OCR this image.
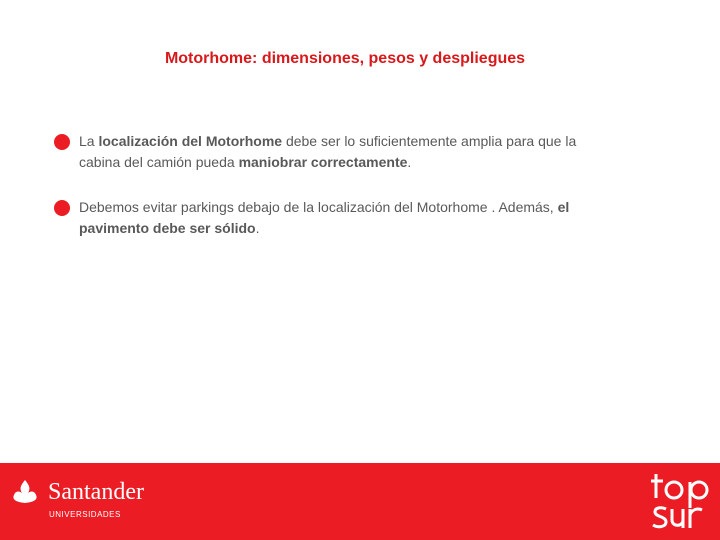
Motorhome: dimensiones, pesos y despliegues
La localización del Motorhome debe ser lo suficientemente amplia para que la cabina del camión pueda maniobrar correctamente.
Debemos evitar parkings debajo de la localización del Motorhome . Además, el pavimento debe ser sólido.
Santander
UNIVERSIDADES
